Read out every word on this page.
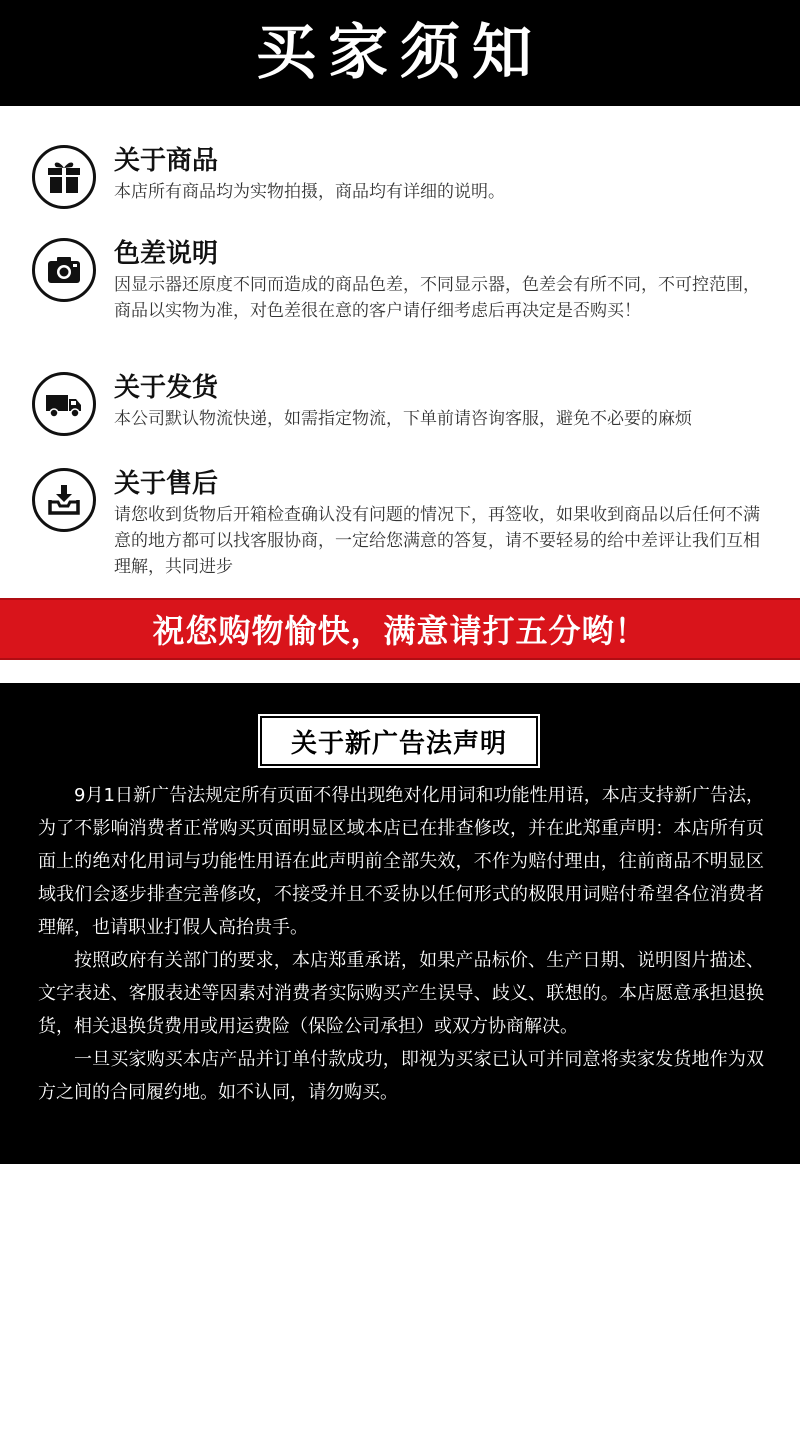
买家须知
关于商品
本店所有商品均为实物拍摄，商品均有详细的说明。
色差说明
因显示器还原度不同而造成的商品色差，不同显示器，色差会有所不同，不可控范围，商品以实物为准，对色差很在意的客户请仔细考虑后再决定是否购买！
关于发货
本公司默认物流快递，如需指定物流，下单前请咨询客服，避免不必要的麻烦
关于售后
请您收到货物后开箱检查确认没有问题的情况下，再签收，如果收到商品以后任何不满意的地方都可以找客服协商，一定给您满意的答复，请不要轻易的给中差评让我们互相理解，共同进步
祝您购物愉快，满意请打五分哟！
关于新广告法声明

9月1日新广告法规定所有页面不得出现绝对化用词和功能性用语，本店支持新广告法，为了不影响消费者正常购买页面明显区域本店已在排查修改，并在此郑重声明：本店所有页面上的绝对化用词与功能性用语在此声明前全部失效，不作为赔付理由，往前商品不明显区域我们会逐步排查完善修改，不接受并且不妥协以任何形式的极限用词赔付希望各位消费者理解，也请职业打假人高抬贵手。

按照政府有关部门的要求，本店郑重承诺，如果产品标价、生产日期、说明图片描述、文字表述、客服表述等因素对消费者实际购买产生误导、歧义、联想的。本店愿意承担退换货，相关退换货费用或用运费险（保险公司承担）或双方协商解决。

一旦买家购买本店产品并订单付款成功，即视为买家已认可并同意将卖家发货地作为双方之间的合同履约地。如不认同，请勿购买。
